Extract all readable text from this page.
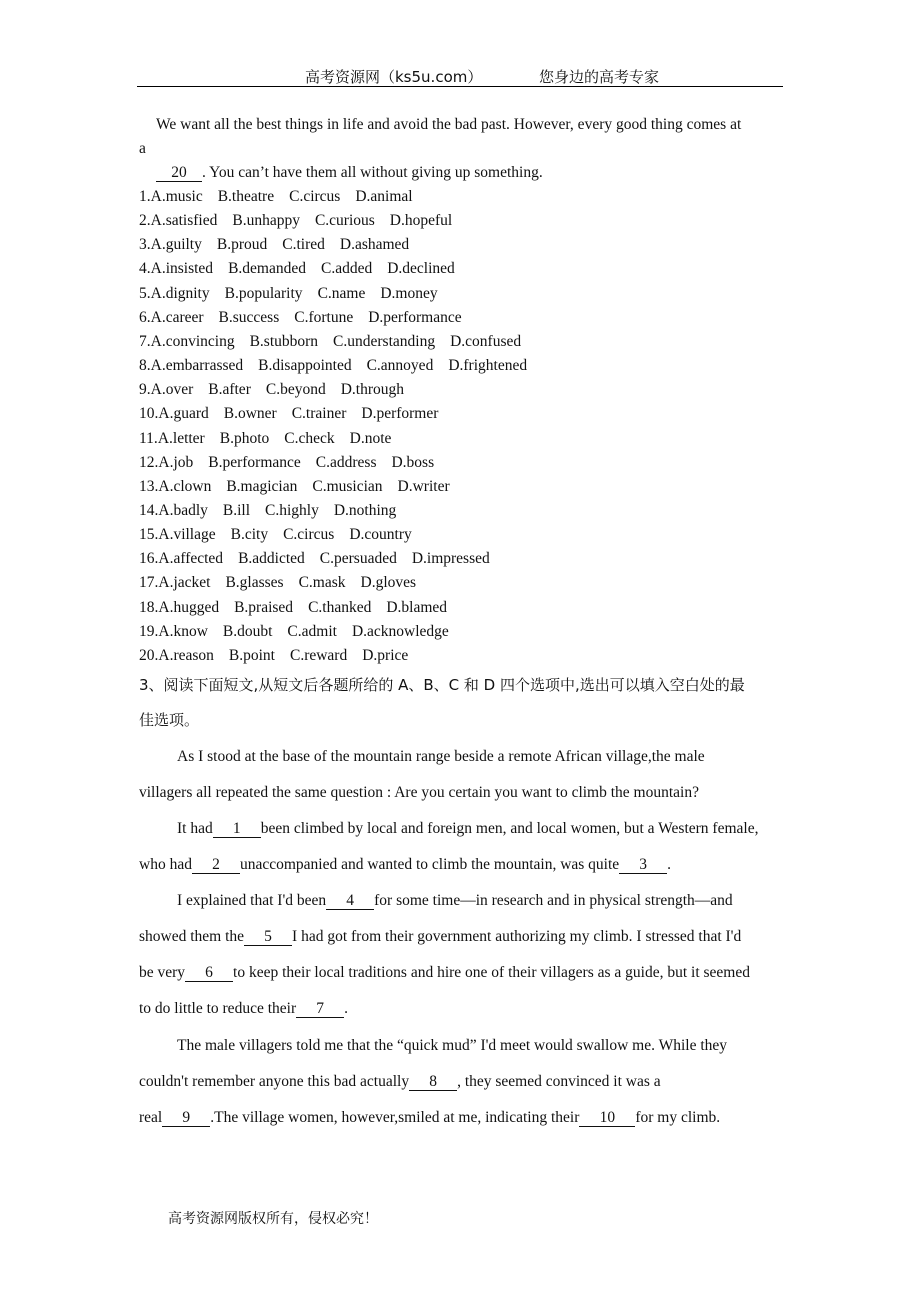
高考资源网（ks5u.com）	您身边的高考专家
We want all the best things in life and avoid the bad past. However, every good thing comes at
a
20 . You can’t have them all without giving up something.
1.A.music B.theatre C.circus D.animal
2.A.satisfied B.unhappy C.curious D.hopeful
3.A.guilty B.proud C.tired D.ashamed
4.A.insisted B.demanded C.added D.declined
5.A.dignity B.popularity C.name D.money
6.A.career B.success C.fortune D.performance
7.A.convincing B.stubborn C.understanding D.confused
8.A.embarrassed B.disappointed C.annoyed D.frightened
9.A.over B.after C.beyond D.through
10.A.guard B.owner C.trainer D.performer
11.A.letter B.photo C.check D.note
12.A.job B.performance C.address D.boss
13.A.clown B.magician C.musician D.writer
14.A.badly B.ill C.highly D.nothing
15.A.village B.city C.circus D.country
16.A.affected B.addicted C.persuaded D.impressed
17.A.jacket B.glasses C.mask D.gloves
18.A.hugged B.praised C.thanked D.blamed
19.A.know B.doubt C.admit D.acknowledge
20.A.reason B.point C.reward D.price
3、阅读下面短文,从短文后各题所给的 A、B、C 和 D 四个选项中,选出可以填入空白处的最
佳选项。
As I stood at the base of the mountain range beside a remote African village,the male
villagers all repeated the same question : Are you certain you want to climb the mountain?
It had 1 been climbed by local and foreign men, and local women, but a Western female,
who had 2 unaccompanied and wanted to climb the mountain, was quite 3 .
I explained that I'd been 4 for some time—in research and in physical strength—and
showed them the 5 I had got from their government authorizing my climb. I stressed that I'd
be very 6 to keep their local traditions and hire one of their villagers as a guide, but it seemed
to do little to reduce their 7 .
The male villagers told me that the “quick mud” I'd meet would swallow me. While they
couldn't remember anyone this bad actually 8 , they seemed convinced it was a
real 9 .The village women, however,smiled at me, indicating their 10 for my climb.
高考资源网版权所有，侵权必究！
